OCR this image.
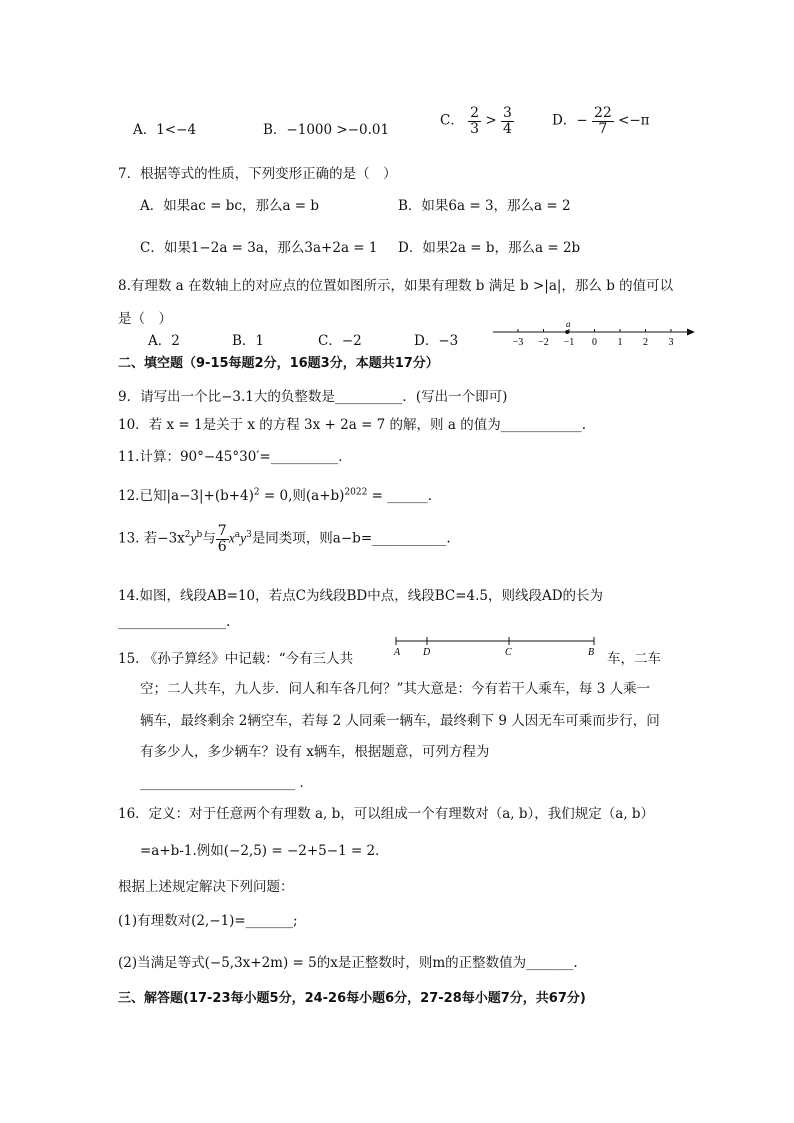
A．1<−4	B．−1000 >−0.01
C． $\frac{2}{3} > \frac{3}{4}$	D．− $\frac{22}{7} <-\pi$
7．根据等式的性质，下列变形正确的是（　）
A．如果ac = bc，那么a = b	B．如果6a = 3，那么a = 2
C．如果1−2a = 3a，那么3a+2a = 1 D．如果2a = b，那么a = 2b
8.有理数 a 在数轴上的对应点的位置如图所示，如果有理数 b 满足 b >|a|，那么 b 的值可以
是（　）
A．2	B．1	C．−2	D．−3	−3 −2 −1 0 1 2 3
a
二、填空题（9-15每题2分，16题3分，本题共17分）
9．请写出一个比−3.1大的负整数是__________．(写出一个即可)
10．若 x = 1是关于 x 的方程 3x + 2a = 7 的解，则 a 的值为____________.
11.计算：90°−45°30′=__________．
12.已知$|a-3|+(b+4)^2 = 0$,则$(a+b)^{2022}$ = ______.
13. 若$-3x^2y^b$与 $\frac{7}{6} x^ay^3$是同类项，则a−b=___________.
14.如图，线段AB=10，若点C为线段BD中点，线段BC=4.5，则线段AD的长为
________________.
A D	C	B
15. 《孙子算经》中记载：“今有三人共	车，二车
空；二人共车，九人步．问人和车各几何？”其大意是：今有若干人乘车，每 3 人乘一
辆车，最终剩余 2辆空车，若每 2 人同乘一辆车，最终剩下 9 人因无车可乘而步行，问
有多少人，多少辆车？设有 x辆车，根据题意，可列方程为
_______________________ ．
16．定义：对于任意两个有理数 a, b，可以组成一个有理数对（a, b），我们规定（a, b）
=a+b-1.例如(−2,5) = −2+5−1 = 2．
根据上述规定解决下列问题：
(1)有理数对(2,−1)=_______;
(2)当满足等式(−5,3x+2m) = 5的x是正整数时，则m的正整数值为_______.
三、解答题(17-23每小题5分，24-26每小题6分，27-28每小题7分，共67分)
